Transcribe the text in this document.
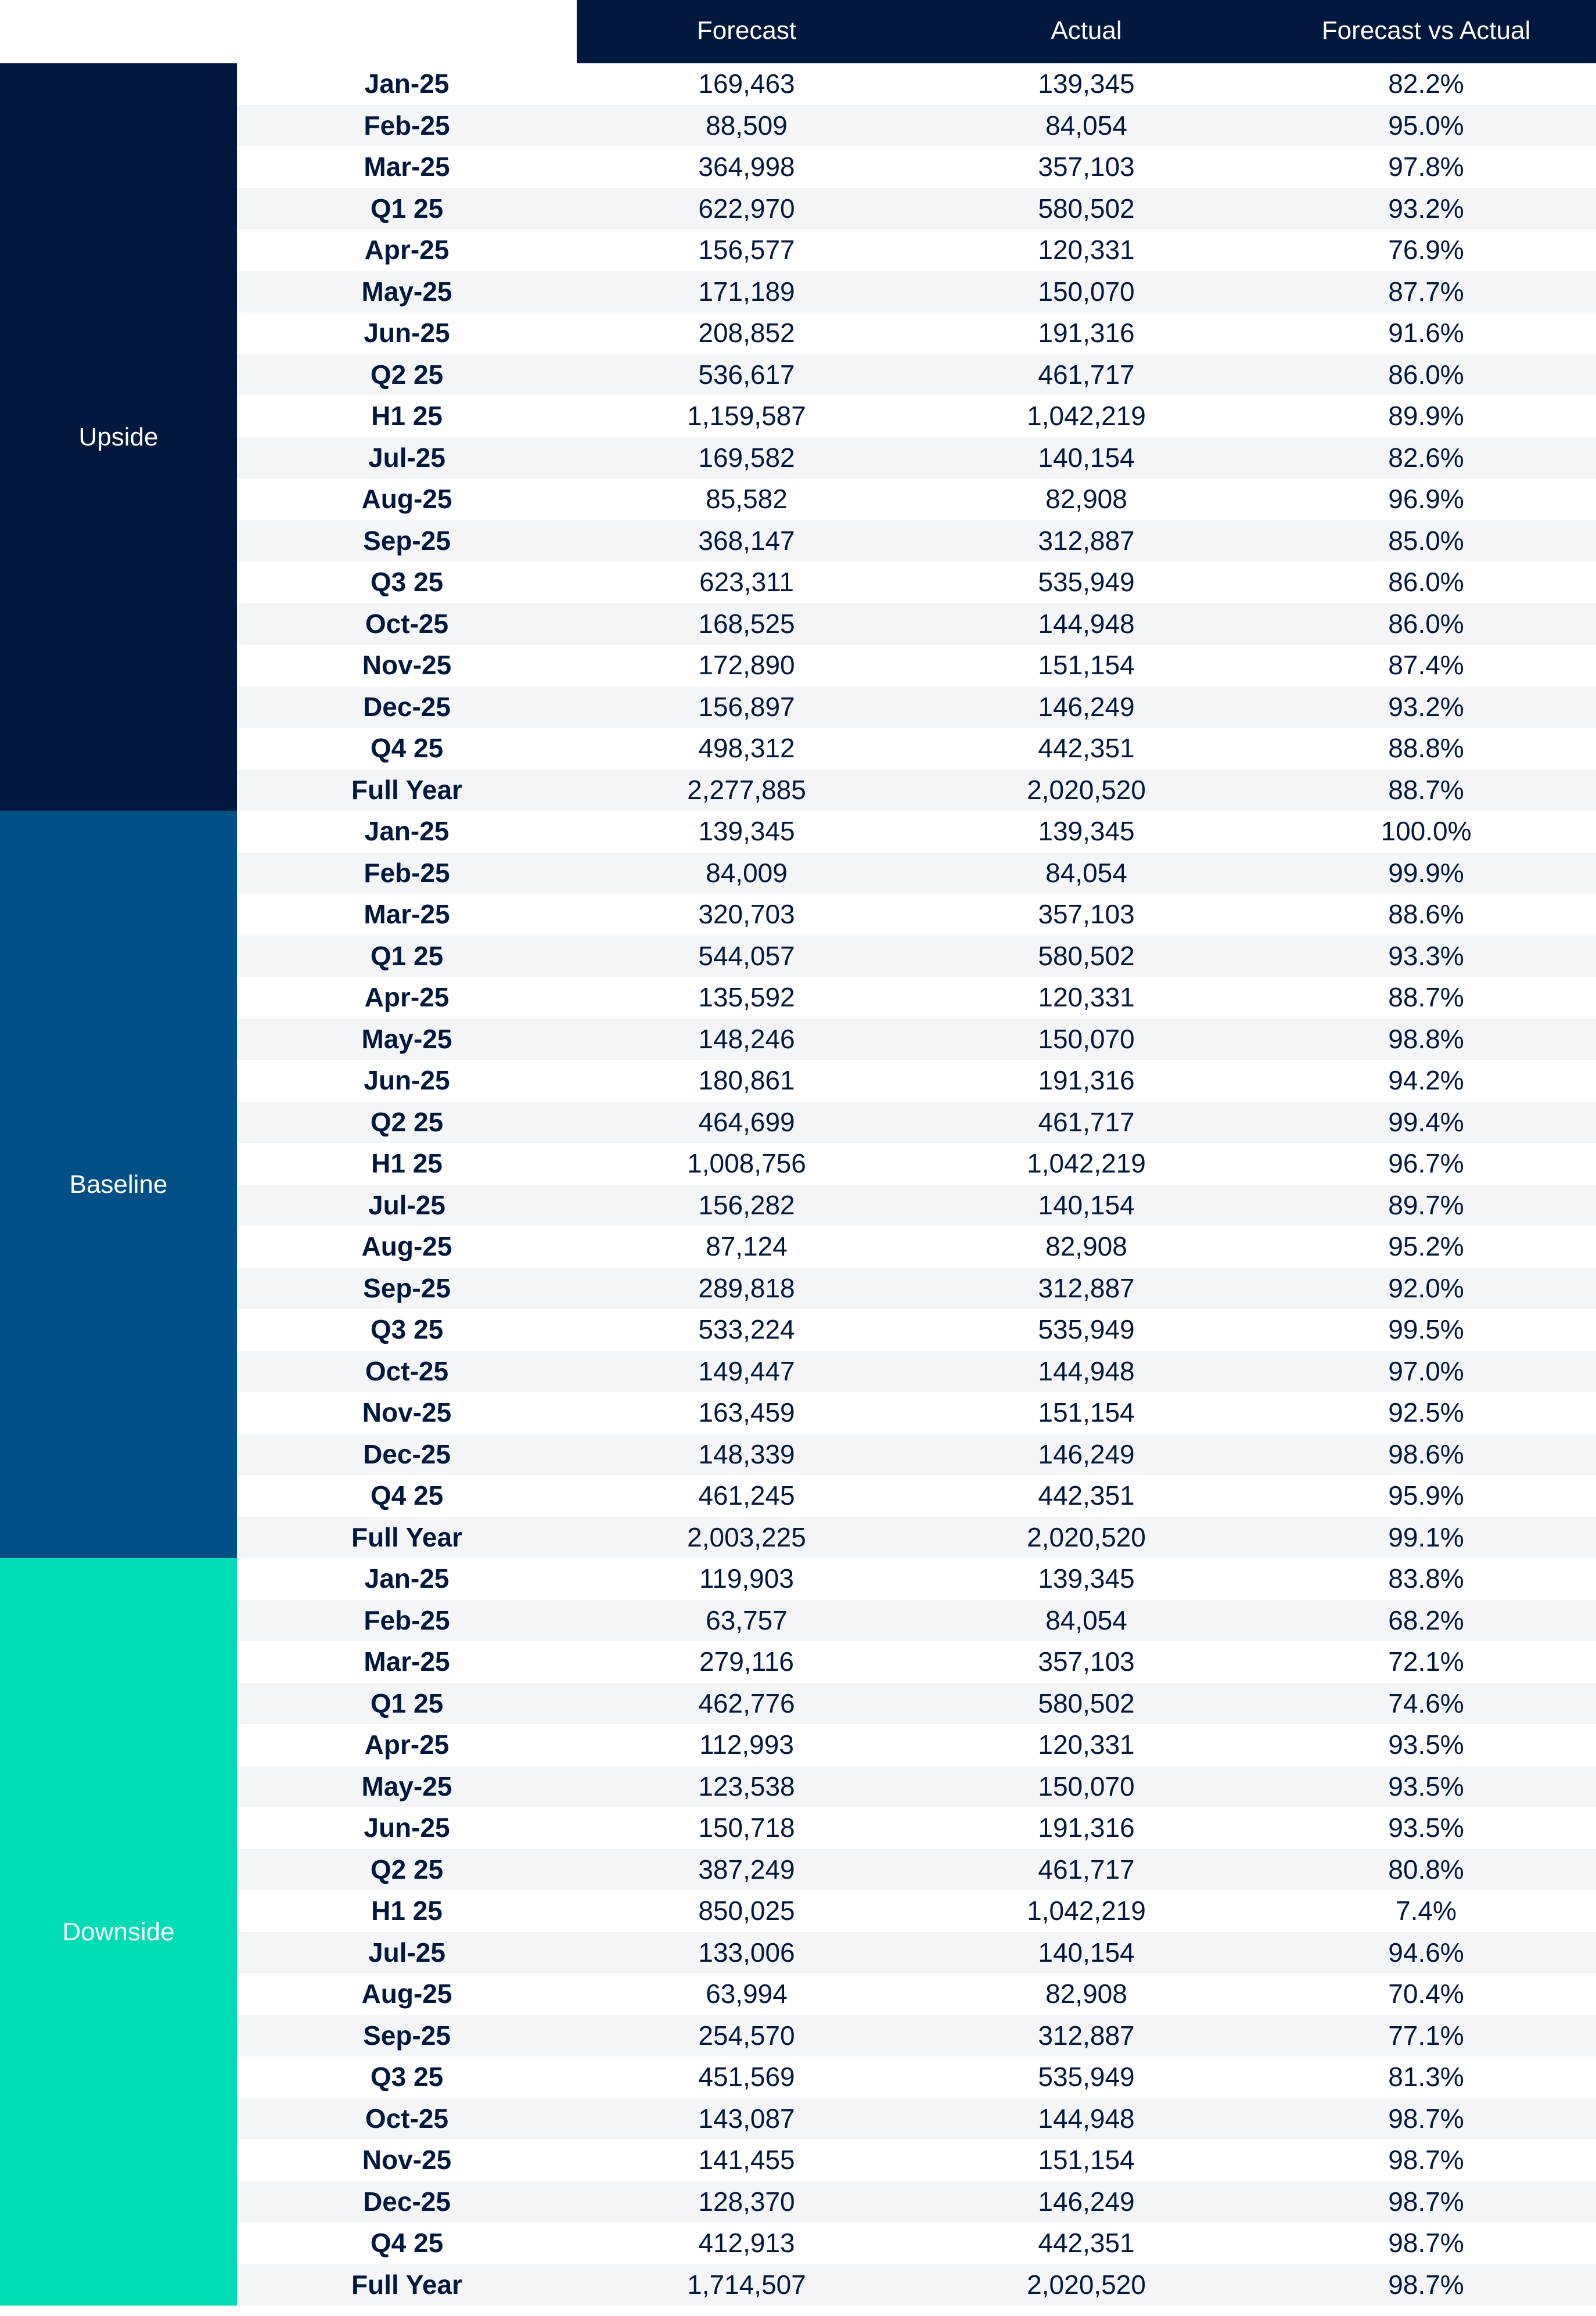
Forecast	Actual	Forecast vs Actual
Upside
Jan-25	169,463	139,345	82.2%
Feb-25	88,509	84,054	95.0%
Mar-25	364,998	357,103	97.8%
Q1 25	622,970	580,502	93.2%
Apr-25	156,577	120,331	76.9%
May-25	171,189	150,070	87.7%
Jun-25	208,852	191,316	91.6%
Q2 25	536,617	461,717	86.0%
H1 25	1,159,587	1,042,219	89.9%
Jul-25	169,582	140,154	82.6%
Aug-25	85,582	82,908	96.9%
Sep-25	368,147	312,887	85.0%
Q3 25	623,311	535,949	86.0%
Oct-25	168,525	144,948	86.0%
Nov-25	172,890	151,154	87.4%
Dec-25	156,897	146,249	93.2%
Q4 25	498,312	442,351	88.8%
Full Year	2,277,885	2,020,520	88.7%
Baseline
Jan-25	139,345	139,345	100.0%
Feb-25	84,009	84,054	99.9%
Mar-25	320,703	357,103	88.6%
Q1 25	544,057	580,502	93.3%
Apr-25	135,592	120,331	88.7%
May-25	148,246	150,070	98.8%
Jun-25	180,861	191,316	94.2%
Q2 25	464,699	461,717	99.4%
H1 25	1,008,756	1,042,219	96.7%
Jul-25	156,282	140,154	89.7%
Aug-25	87,124	82,908	95.2%
Sep-25	289,818	312,887	92.0%
Q3 25	533,224	535,949	99.5%
Oct-25	149,447	144,948	97.0%
Nov-25	163,459	151,154	92.5%
Dec-25	148,339	146,249	98.6%
Q4 25	461,245	442,351	95.9%
Full Year	2,003,225	2,020,520	99.1%
Downside
Jan-25	119,903	139,345	83.8%
Feb-25	63,757	84,054	68.2%
Mar-25	279,116	357,103	72.1%
Q1 25	462,776	580,502	74.6%
Apr-25	112,993	120,331	93.5%
May-25	123,538	150,070	93.5%
Jun-25	150,718	191,316	93.5%
Q2 25	387,249	461,717	80.8%
H1 25	850,025	1,042,219	7.4%
Jul-25	133,006	140,154	94.6%
Aug-25	63,994	82,908	70.4%
Sep-25	254,570	312,887	77.1%
Q3 25	451,569	535,949	81.3%
Oct-25	143,087	144,948	98.7%
Nov-25	141,455	151,154	98.7%
Dec-25	128,370	146,249	98.7%
Q4 25	412,913	442,351	98.7%
Full Year	1,714,507	2,020,520	98.7%
